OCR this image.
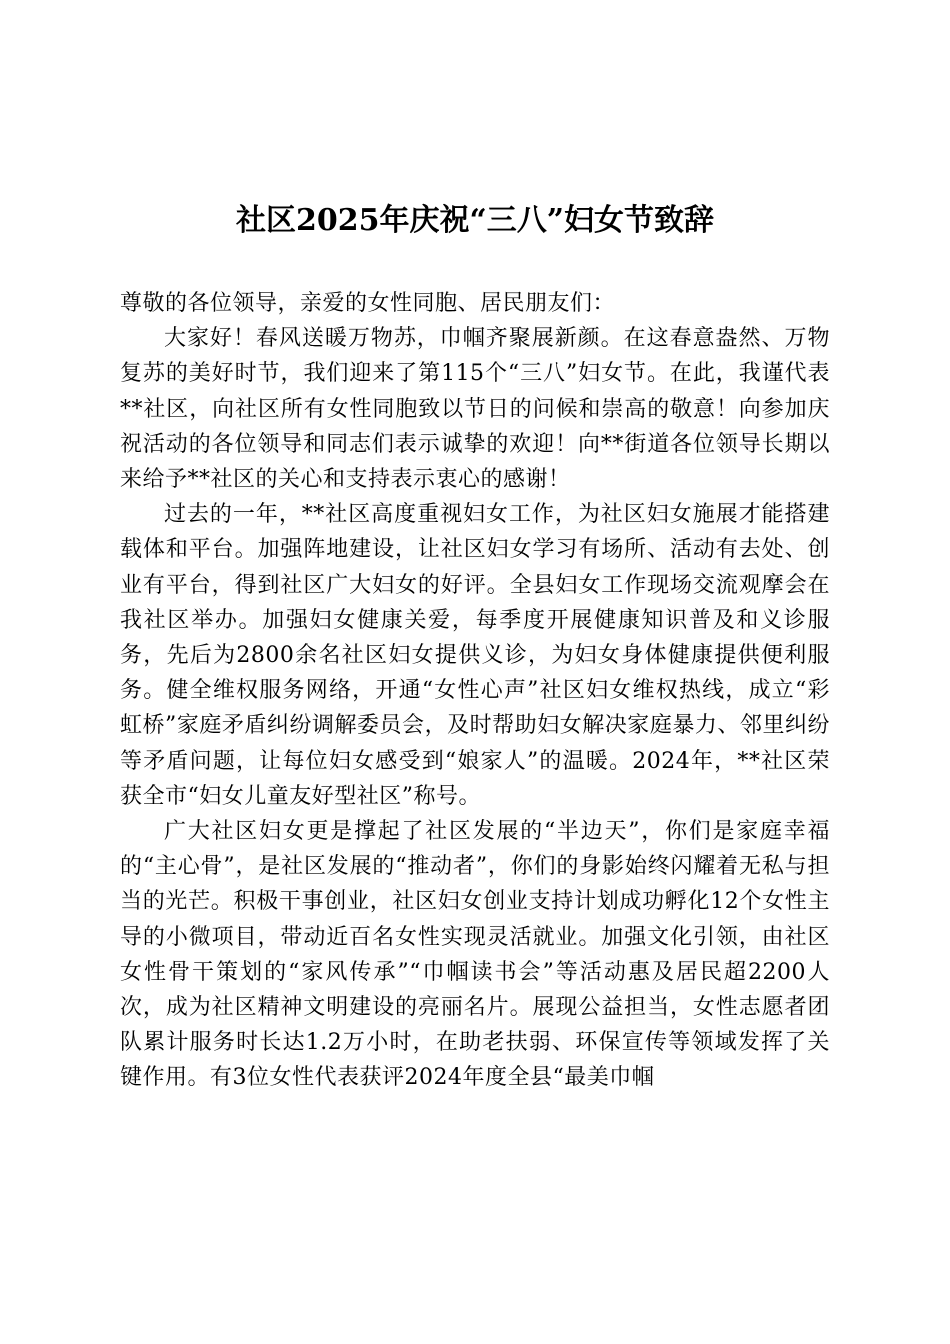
社区2025年庆祝“三八”妇女节致辞

尊敬的各位领导，亲爱的女性同胞、居民朋友们：

大家好！春风送暖万物苏，巾帼齐聚展新颜。在这春意盎然、万物复苏的美好时节，我们迎来了第115个“三八”妇女节。在此，我谨代表**社区，向社区所有女性同胞致以节日的问候和崇高的敬意！向参加庆祝活动的各位领导和同志们表示诚挚的欢迎！向**街道各位领导长期以来给予**社区的关心和支持表示衷心的感谢！

过去的一年，**社区高度重视妇女工作，为社区妇女施展才能搭建载体和平台。加强阵地建设，让社区妇女学习有场所、活动有去处、创业有平台，得到社区广大妇女的好评。全县妇女工作现场交流观摩会在我社区举办。加强妇女健康关爱，每季度开展健康知识普及和义诊服务，先后为2800余名社区妇女提供义诊，为妇女身体健康提供便利服务。健全维权服务网络，开通“女性心声”社区妇女维权热线，成立“彩虹桥”家庭矛盾纠纷调解委员会，及时帮助妇女解决家庭暴力、邻里纠纷等矛盾问题，让每位妇女感受到“娘家人”的温暖。2024年，**社区荣获全市“妇女儿童友好型社区”称号。

广大社区妇女更是撑起了社区发展的“半边天”，你们是家庭幸福的“主心骨”，是社区发展的“推动者”，你们的身影始终闪耀着无私与担当的光芒。积极干事创业，社区妇女创业支持计划成功孵化12个女性主导的小微项目，带动近百名女性实现灵活就业。加强文化引领，由社区女性骨干策划的“家风传承”“巾帼读书会”等活动惠及居民超2200人次，成为社区精神文明建设的亮丽名片。展现公益担当，女性志愿者团队累计服务时长达1.2万小时，在助老扶弱、环保宣传等领域发挥了关键作用。有3位女性代表获评2024年度全县“最美巾帼
